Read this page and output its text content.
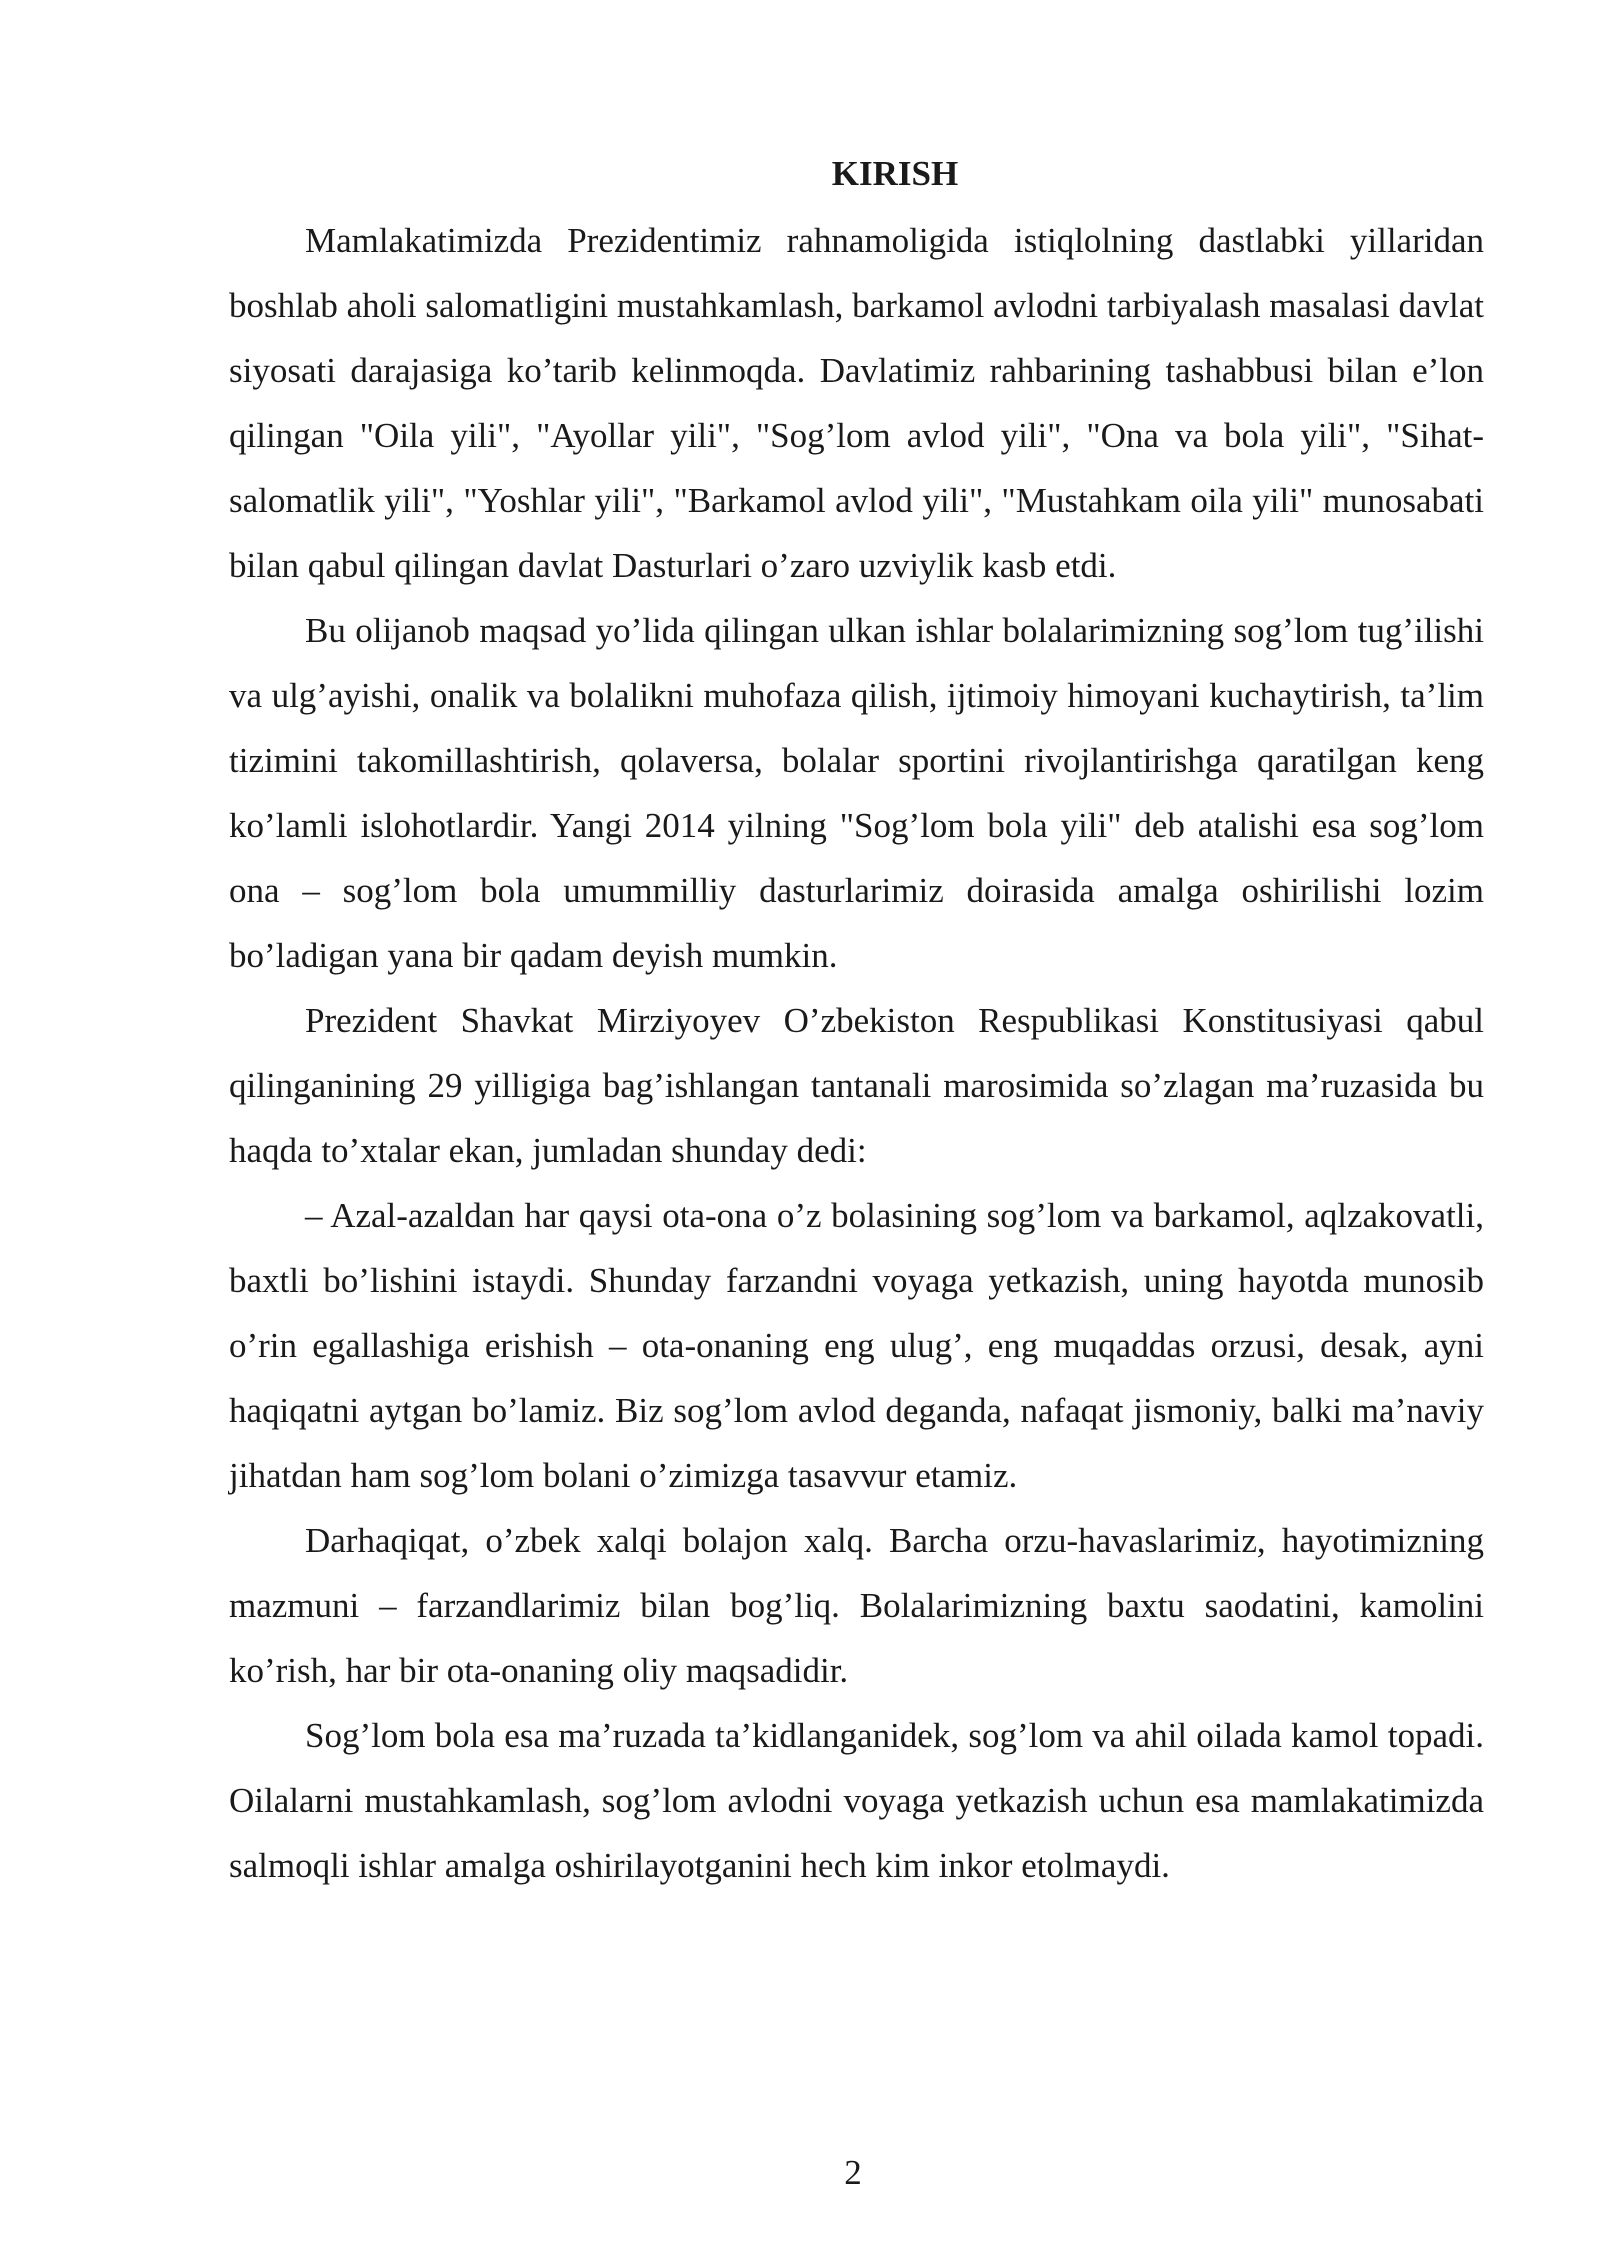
KIRISH

Mamlakatimizda Prezidentimiz rahnamoligida istiqlolning dastlabki yillaridan boshlab aholi salomatligini mustahkamlash, barkamol avlodni tarbiyalash masalasi davlat siyosati darajasiga ko’tarib kelinmoqda. Davlatimiz rahbarining tashabbusi bilan e’lon qilingan "Oila yili", "Ayollar yili", "Sog’lom avlod yili", "Ona va bola yili", "Sihat-salomatlik yili", "Yoshlar yili", "Barkamol avlod yili", "Mustahkam oila yili" munosabati bilan qabul qilingan davlat Dasturlari o’zaro uzviylik kasb etdi.

Bu olijanob maqsad yo’lida qilingan ulkan ishlar bolalarimizning sog’lom tug’ilishi va ulg’ayishi, onalik va bolalikni muhofaza qilish, ijtimoiy himoyani kuchaytirish, ta’lim tizimini takomillashtirish, qolaversa, bolalar sportini rivojlantirishga qaratilgan keng ko’lamli islohotlardir. Yangi 2014 yilning "Sog’lom bola yili" deb atalishi esa sog’lom ona – sog’lom bola umummilliy dasturlarimiz doirasida amalga oshirilishi lozim bo’ladigan yana bir qadam deyish mumkin.

Prezident Shavkat Mirziyoyev O’zbekiston Respublikasi Konstitusiyasi qabul qilinganining 29 yilligiga bag’ishlangan tantanali marosimida so’zlagan ma’ruzasida bu haqda to’xtalar ekan, jumladan shunday dedi:

– Azal-azaldan har qaysi ota-ona o’z bolasining sog’lom va barkamol, aqlzakovatli, baxtli bo’lishini istaydi. Shunday farzandni voyaga yetkazish, uning hayotda munosib o’rin egallashiga erishish – ota-onaning eng ulug’, eng muqaddas orzusi, desak, ayni haqiqatni aytgan bo’lamiz. Biz sog’lom avlod deganda, nafaqat jismoniy, balki ma’naviy jihatdan ham sog’lom bolani o’zimizga tasavvur etamiz.

Darhaqiqat, o’zbek xalqi bolajon xalq. Barcha orzu-havaslarimiz, hayotimizning mazmuni – farzandlarimiz bilan bog’liq. Bolalarimizning baxtu saodatini, kamolini ko’rish, har bir ota-onaning oliy maqsadidir.

Sog’lom bola esa ma’ruzada ta’kidlanganidek, sog’lom va ahil oilada kamol topadi. Oilalarni mustahkamlash, sog’lom avlodni voyaga yetkazish uchun esa mamlakatimizda salmoqli ishlar amalga oshirilayotganini hech kim inkor etolmaydi.

2
